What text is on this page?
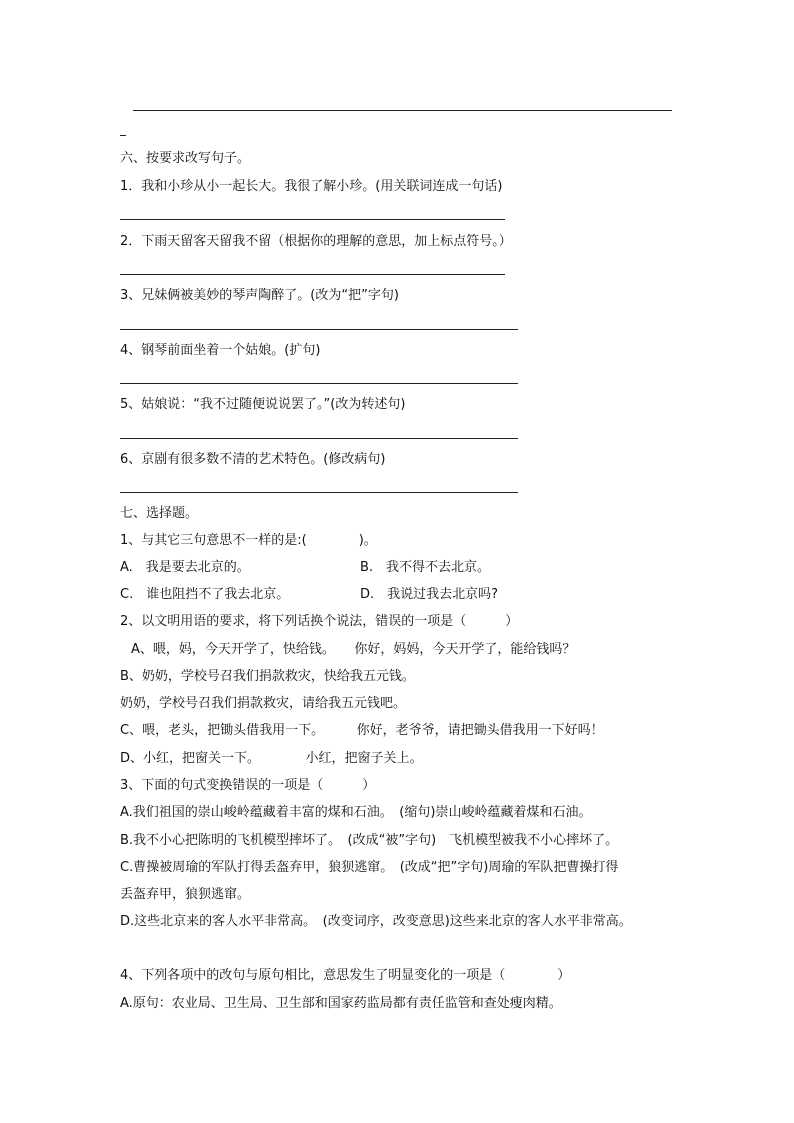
六、按要求改写句子。
1．我和小珍从小一起长大。我很了解小珍。(用关联词连成一句话)
2．下雨天留客天留我不留（根据你的理解的意思，加上标点符号。）
3、兄妹俩被美妙的琴声陶醉了。(改为“把”字句)
4、钢琴前面坐着一个姑娘。(扩句)
5、姑娘说：“我不过随便说说罢了。”(改为转述句)
6、京剧有很多数不清的艺术特色。(修改病句)
七、选择题。
1、与其它三句意思不一样的是:(　　　　)。
A.　我是要去北京的。	B.　我不得不去北京。
C.　谁也阻挡不了我去北京。	D.　我说过我去北京吗?
2、以文明用语的要求，将下列话换个说法，错误的一项是（　　　）
A、喂，妈，今天开学了，快给钱。　　你好，妈妈，今天开学了，能给钱吗？
B、奶奶，学校号召我们捐款救灾，快给我五元钱。
奶奶，学校号召我们捐款救灾，请给我五元钱吧。
C、喂，老头，把锄头借我用一下。　　　你好，老爷爷，请把锄头借我用一下好吗！
D、小红，把窗关一下。　　　　小红，把窗子关上。
3、下面的句式变换错误的一项是（　　　）
A.我们祖国的崇山峻岭蕴藏着丰富的煤和石油。　(缩句)崇山峻岭蕴藏着煤和石油。
B.我不小心把陈明的飞机模型摔坏了。　(改成“被”字句)　飞机模型被我不小心摔坏了。
C.曹操被周瑜的军队打得丢盔弃甲，狼狈逃窜。　(改成“把”字句)周瑜的军队把曹操打得
丢盔弃甲，狼狈逃窜。
D.这些北京来的客人水平非常高。　(改变词序，改变意思)这些来北京的客人水平非常高。
4、下列各项中的改句与原句相比，意思发生了明显变化的一项是（　　　　）
A.原句：农业局、卫生局、卫生部和国家药监局都有责任监管和查处瘦肉精。
